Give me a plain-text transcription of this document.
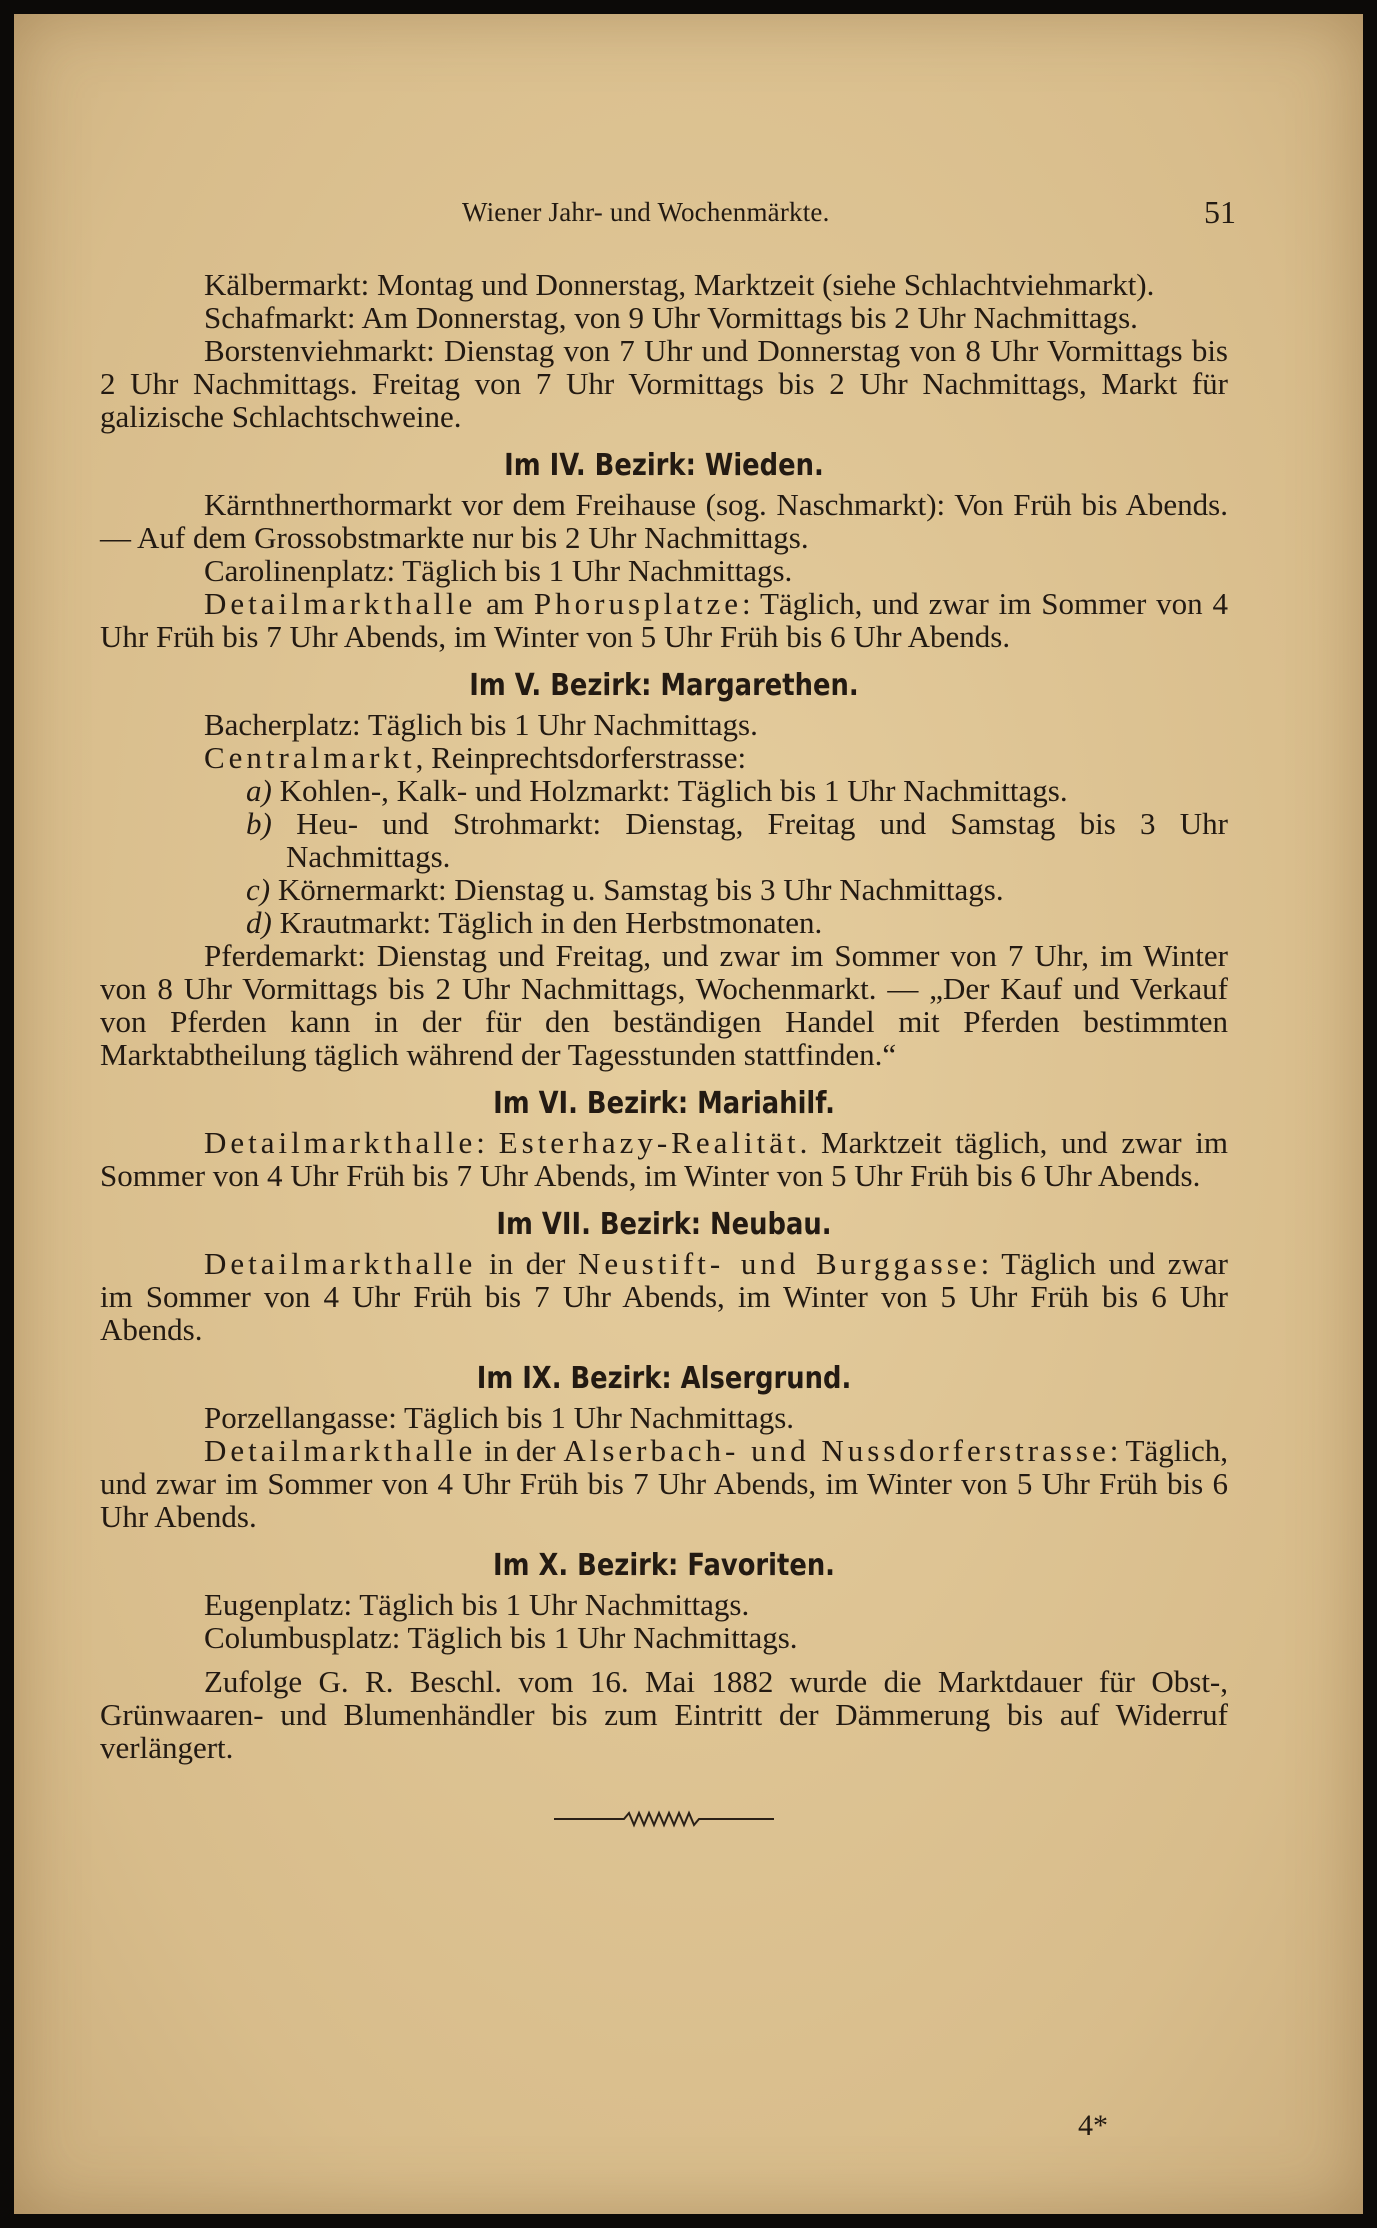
Wiener Jahr- und Wochenmärkte.	51

Kälbermarkt: Montag und Donnerstag, Marktzeit (siehe Schlachtviehmarkt).

Schafmarkt: Am Donnerstag, von 9 Uhr Vormittags bis 2 Uhr Nachmittags.

Borstenviehmarkt: Dienstag von 7 Uhr und Donnerstag von 8 Uhr Vormittags bis 2 Uhr Nachmittags. Freitag von 7 Uhr Vormittags bis 2 Uhr Nachmittags, Markt für galizische Schlachtschweine.

Im IV. Bezirk: Wieden.

Kärnthnerthormarkt vor dem Freihause (sog. Naschmarkt): Von Früh bis Abends. — Auf dem Grossobstmarkte nur bis 2 Uhr Nachmittags.

Carolinenplatz: Täglich bis 1 Uhr Nachmittags.

Detailmarkthalle am Phorusplatze: Täglich, und zwar im Sommer von 4 Uhr Früh bis 7 Uhr Abends, im Winter von 5 Uhr Früh bis 6 Uhr Abends.

Im V. Bezirk: Margarethen.

Bacherplatz: Täglich bis 1 Uhr Nachmittags.

Centralmarkt, Reinprechtsdorferstrasse:

a) Kohlen-, Kalk- und Holzmarkt: Täglich bis 1 Uhr Nachmittags.

b) Heu- und Strohmarkt: Dienstag, Freitag und Samstag bis 3 Uhr Nachmittags.

c) Körnermarkt: Dienstag u. Samstag bis 3 Uhr Nachmittags.

d) Krautmarkt: Täglich in den Herbstmonaten.

Pferdemarkt: Dienstag und Freitag, und zwar im Sommer von 7 Uhr, im Winter von 8 Uhr Vormittags bis 2 Uhr Nachmittags, Wochenmarkt. — „Der Kauf und Verkauf von Pferden kann in der für den beständigen Handel mit Pferden bestimmten Marktabtheilung täglich während der Tagesstunden stattfinden.“

Im VI. Bezirk: Mariahilf.

Detailmarkthalle: Esterhazy-Realität. Marktzeit täglich, und zwar im Sommer von 4 Uhr Früh bis 7 Uhr Abends, im Winter von 5 Uhr Früh bis 6 Uhr Abends.

Im VII. Bezirk: Neubau.

Detailmarkthalle in der Neustift- und Burggasse: Täglich und zwar im Sommer von 4 Uhr Früh bis 7 Uhr Abends, im Winter von 5 Uhr Früh bis 6 Uhr Abends.

Im IX. Bezirk: Alsergrund.

Porzellangasse: Täglich bis 1 Uhr Nachmittags.

Detailmarkthalle in der Alserbach- und Nussdorferstrasse: Täglich, und zwar im Sommer von 4 Uhr Früh bis 7 Uhr Abends, im Winter von 5 Uhr Früh bis 6 Uhr Abends.

Im X. Bezirk: Favoriten.

Eugenplatz: Täglich bis 1 Uhr Nachmittags.

Columbusplatz: Täglich bis 1 Uhr Nachmittags.

Zufolge G. R. Beschl. vom 16. Mai 1882 wurde die Marktdauer für Obst-, Grünwaaren- und Blumenhändler bis zum Eintritt der Dämmerung bis auf Widerruf verlängert.

4*
